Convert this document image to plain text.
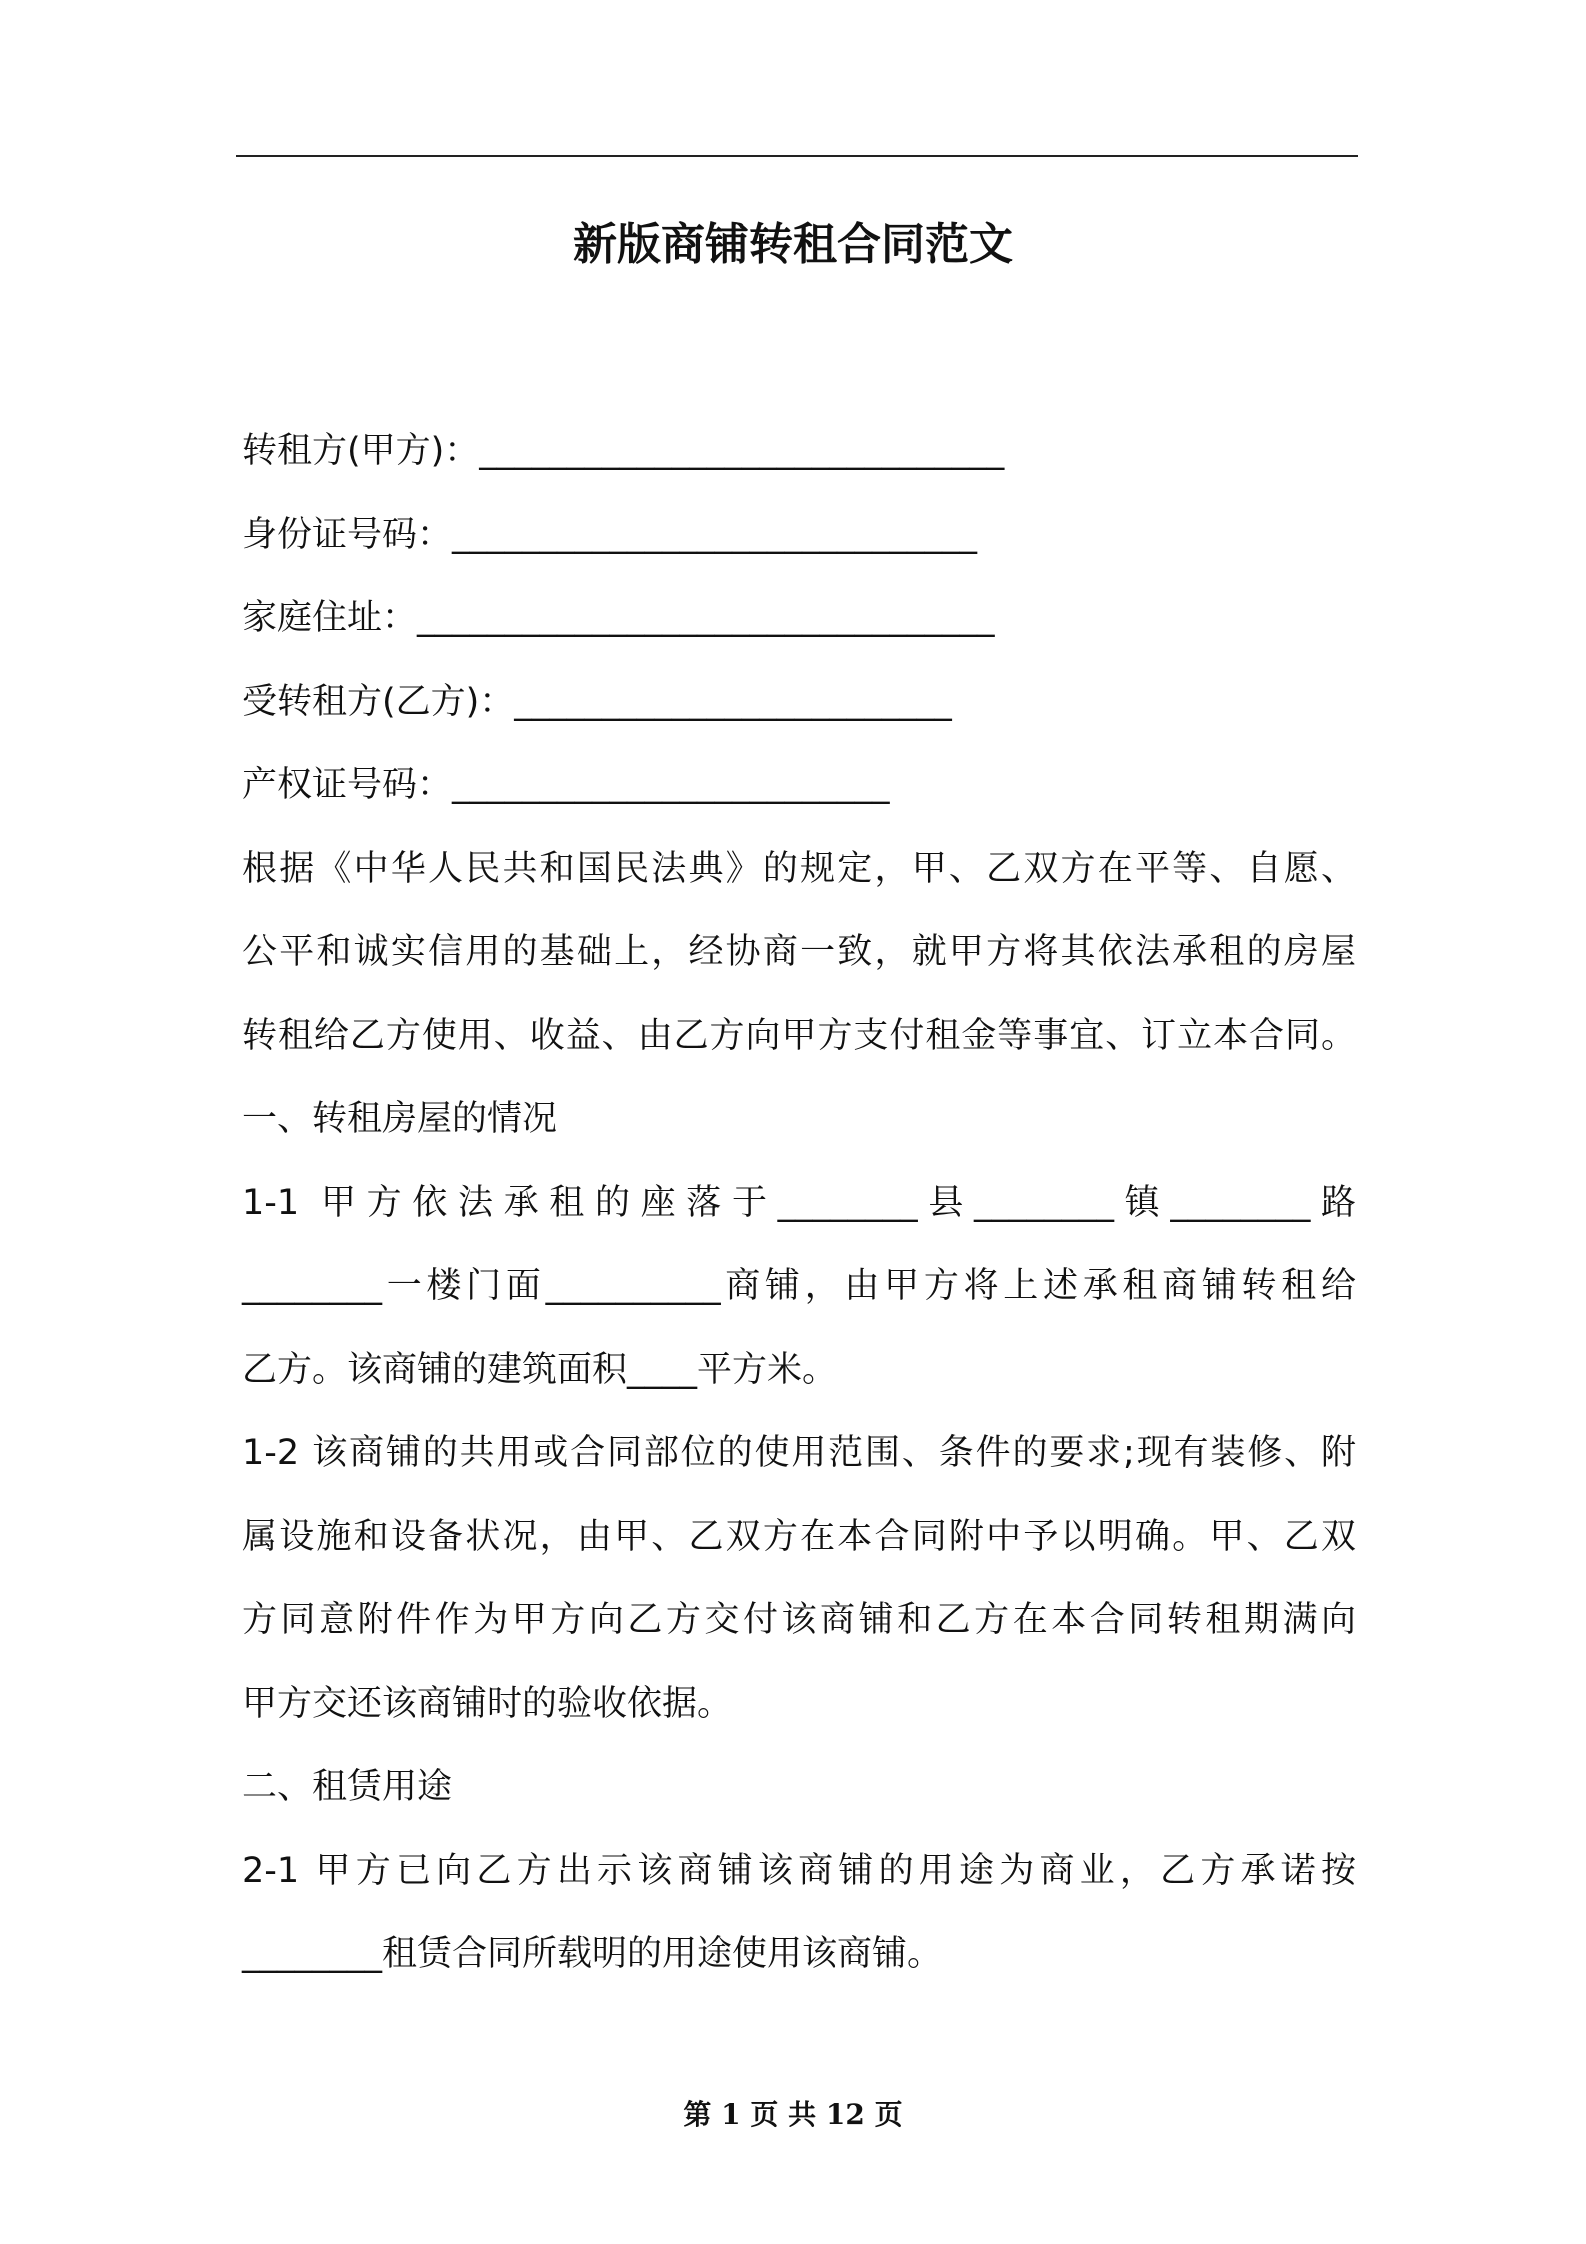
新版商铺转租合同范文
转租方(甲方)：______________________________
身份证号码：______________________________
家庭住址：_________________________________
受转租方(乙方)：_________________________
产权证号码：_________________________
根据《中华人民共和国民法典》的规定，甲、乙双方在平等、自愿、
公平和诚实信用的基础上，经协商一致，就甲方将其依法承租的房屋
转租给乙方使用、收益、由乙方向甲方支付租金等事宜、订立本合同。
一、转租房屋的情况
1-1 甲方依法承租的座落于________县________镇________路
________一楼门面__________商铺，由甲方将上述承租商铺转租给
乙方。该商铺的建筑面积____平方米。
1-2 该商铺的共用或合同部位的使用范围、条件的要求;现有装修、附
属设施和设备状况，由甲、乙双方在本合同附中予以明确。甲、乙双
方同意附件作为甲方向乙方交付该商铺和乙方在本合同转租期满向
甲方交还该商铺时的验收依据。
二、租赁用途
2-1 甲方已向乙方出示该商铺该商铺的用途为商业，乙方承诺按
________租赁合同所载明的用途使用该商铺。
第 1 页 共 12 页
